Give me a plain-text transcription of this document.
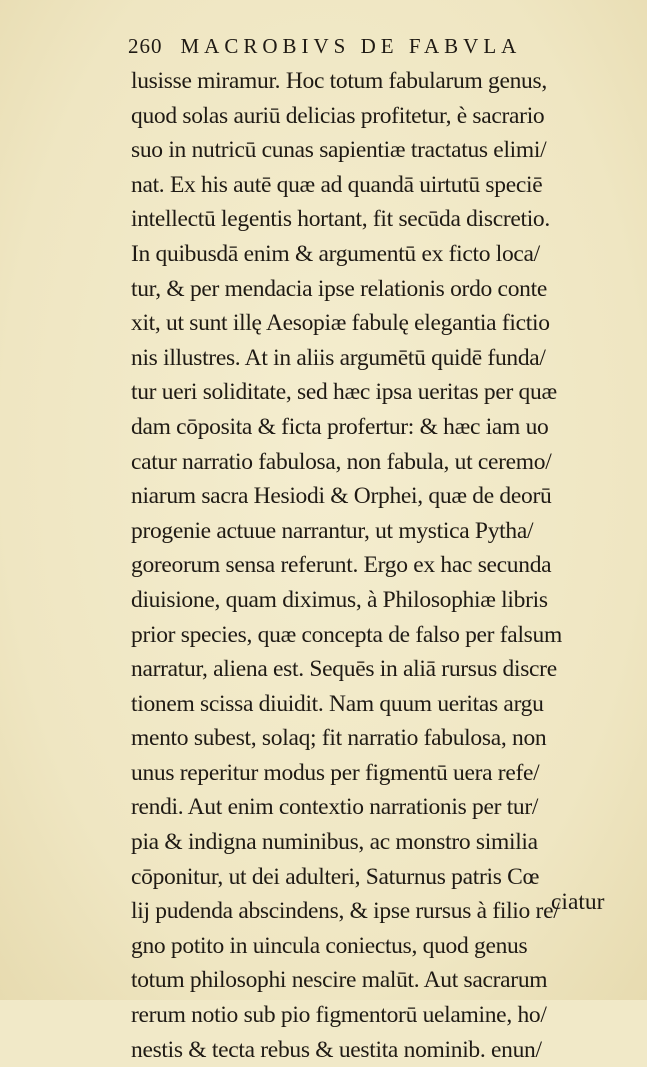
260 MACROBIVS DE FABVLA
lusisse miramur. Hoc totum fabularum genus,
quod solas auriū delicias profitetur, è sacrario
suo in nutricū cunas sapientiæ tractatus elimi/
nat. Ex his autē quæ ad quandā uirtutū speciē
intellectū legentis hortant, fit secūda discretio.
In quibusdā enim & argumentū ex ficto loca/
tur, & per mendacia ipse relationis ordo conte
xit, ut sunt illę Aesopiæ fabulę elegantia fictio
nis illustres. At in aliis argumētū quidē funda/
tur ueri soliditate, sed hæc ipsa ueritas per quæ
dam cōposita & ficta profertur: & hæc iam uo
catur narratio fabulosa, non fabula, ut ceremo/
niarum sacra Hesiodi & Orphei, quæ de deorū
progenie actuue narrantur, ut mystica Pytha/
goreorum sensa referunt. Ergo ex hac secunda
diuisione, quam diximus, à Philosophiæ libris
prior species, quæ concepta de falso per falsum
narratur, aliena est. Sequēs in aliā rursus discre
tionem scissa diuidit. Nam quum ueritas argu
mento subest, solaq; fit narratio fabulosa, non
unus reperitur modus per figmentū uera refe/
rendi. Aut enim contextio narrationis per tur/
pia & indigna numinibus, ac monstro similia
cōponitur, ut dei adulteri, Saturnus patris Cœ
lij pudenda abscindens, & ipse rursus à filio re/
gno potito in uincula coniectus, quod genus
totum philosophi nescire malūt. Aut sacrarum
rerum notio sub pio figmentorū uelamine, ho/
nestis & tecta rebus & uestita nominib. enun/
ciatur
